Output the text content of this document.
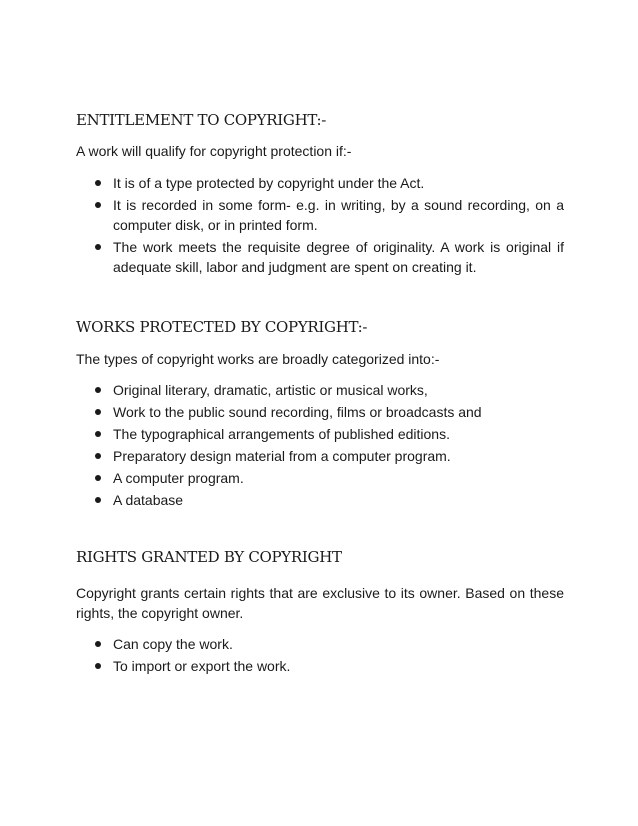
ENTITLEMENT TO COPYRIGHT:-

A work will qualify for copyright protection if:-

It is of a type protected by copyright under the Act.
It is recorded in some form- e.g. in writing, by a sound recording, on a computer disk, or in printed form.
The work meets the requisite degree of originality. A work is original if adequate skill, labor and judgment are spent on creating it.
WORKS PROTECTED BY COPYRIGHT:-

The types of copyright works are broadly categorized into:-

Original literary, dramatic, artistic or musical works,
Work to the public sound recording, films or broadcasts and
The typographical arrangements of published editions.
Preparatory design material from a computer program.
A computer program.
A database
RIGHTS GRANTED BY COPYRIGHT

Copyright grants certain rights that are exclusive to its owner. Based on these rights, the copyright owner.

Can copy the work.
To import or export the work.
